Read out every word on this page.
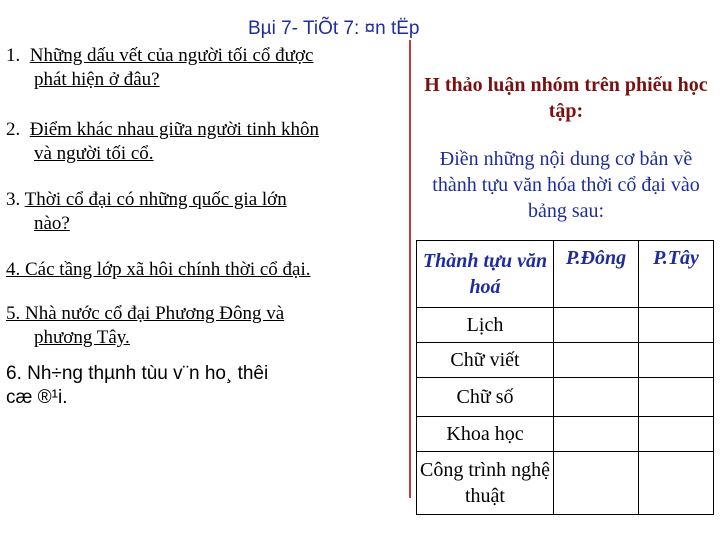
Bµi 7- TiÕt 7: ¤n tËp
1. Những dấu vết của người tối cổ được
phát hiện ở đâu?
2. Điểm khác nhau giữa người tinh khôn
và người tối cổ.
3. Thời cổ đại có những quốc gia lớn
nào?
4. Các tầng lớp xã hôi chính thời cổ đại.
5. Nhà nước cổ đại Phương Đông và
phương Tây.
6. Nh÷ng thµnh tùu v¨n ho¸ thêi
cæ ®¹i.
H thảo luận nhóm trên phiếu học tập:
Điền những nội dung cơ bản về thành tựu văn hóa thời cổ đại vào bảng sau:
Thành tựu văn hoá	P.Đông	P.Tây
Lịch		
Chữ viết		
Chữ số		
Khoa học		
Công trình nghệ thuật		
